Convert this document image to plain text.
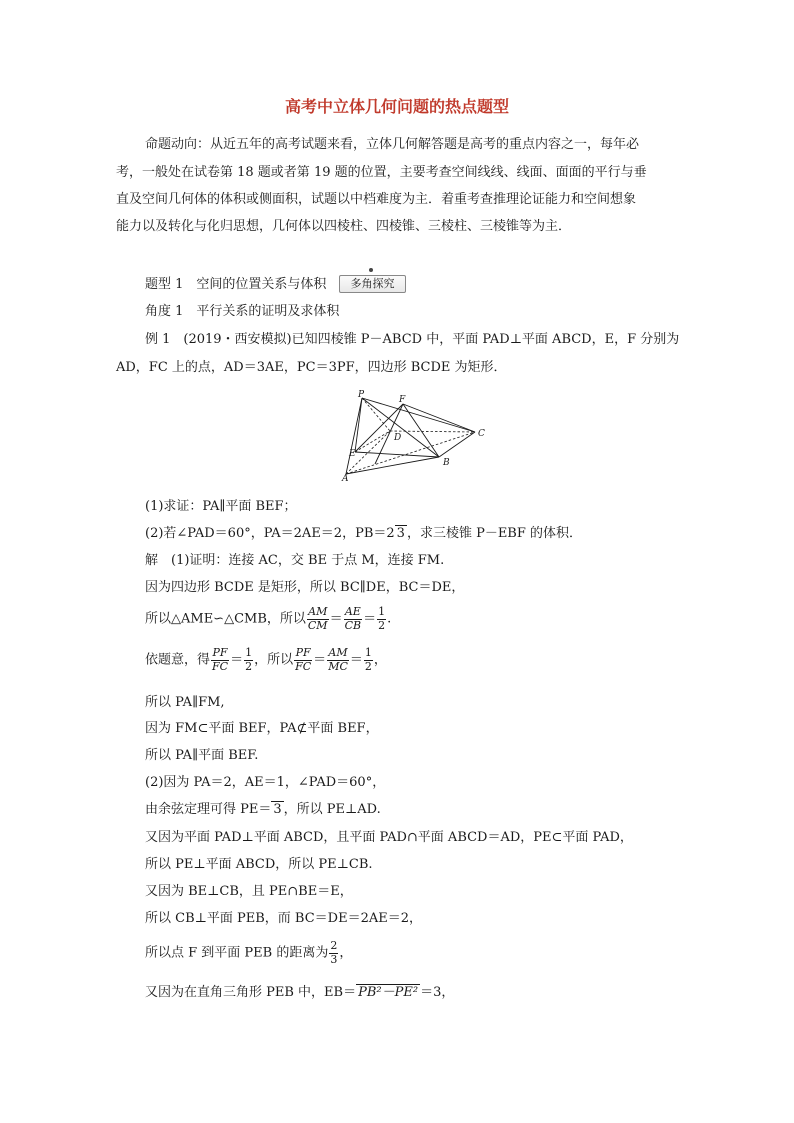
高考中立体几何问题的热点题型
命题动向：从近五年的高考试题来看，立体几何解答题是高考的重点内容之一，每年必
考，一般处在试卷第 18 题或者第 19 题的位置，主要考查空间线线、线面、面面的平行与垂
直及空间几何体的体积或侧面积，试题以中档难度为主．着重考查推理论证能力和空间想象
能力以及转化与化归思想，几何体以四棱柱、四棱锥、三棱柱、三棱锥等为主．
题型 1　空间的位置关系与体积	多角探究
角度 1　平行关系的证明及求体积
例 1　(2019・西安模拟)已知四棱锥 P－ABCD 中，平面 PAD⊥平面 ABCD，E，F 分别为
AD，FC 上的点，AD＝3AE，PC＝3PF，四边形 BCDE 为矩形．
P	F
D	C
E
B
A
(1)求证：PA∥平面 BEF；
(2)若∠PAD＝60°，PA＝2AE＝2，PB＝2 3 ，求三棱锥 P－EBF 的体积．
解　(1)证明：连接 AC，交 BE 于点 M，连接 FM.
因为四边形 BCDE 是矩形，所以 BC∥DE，BC＝DE，
所以△AME∽△CMB，所以 $\frac{AM}{CM} = \frac{AE}{CB} = \frac{1}{2}$ .
依题意，得 $\frac{PF}{FC} = \frac{1}{2}$ ，所以 $\frac{PF}{FC} = \frac{AM}{MC} = \frac{1}{2}$ ，
所以 PA∥FM,
因为 FM⊂平面 BEF，PA⊄平面 BEF，
所以 PA∥平面 BEF.
(2)因为 PA＝2，AE＝1，∠PAD＝60°，
由余弦定理可得 PE＝ 3 ，所以 PE⊥AD.
又因为平面 PAD⊥平面 ABCD，且平面 PAD∩平面 ABCD＝AD，PE⊂平面 PAD，
所以 PE⊥平面 ABCD，所以 PE⊥CB.
又因为 BE⊥CB，且 PE∩BE＝E，
所以 CB⊥平面 PEB，而 BC＝DE＝2AE＝2，
所以点 F 到平面 PEB 的距离为 $\frac{2}{3}$ ，
又因为在直角三角形 PEB 中，EB＝ PB²－PE² ＝3，
